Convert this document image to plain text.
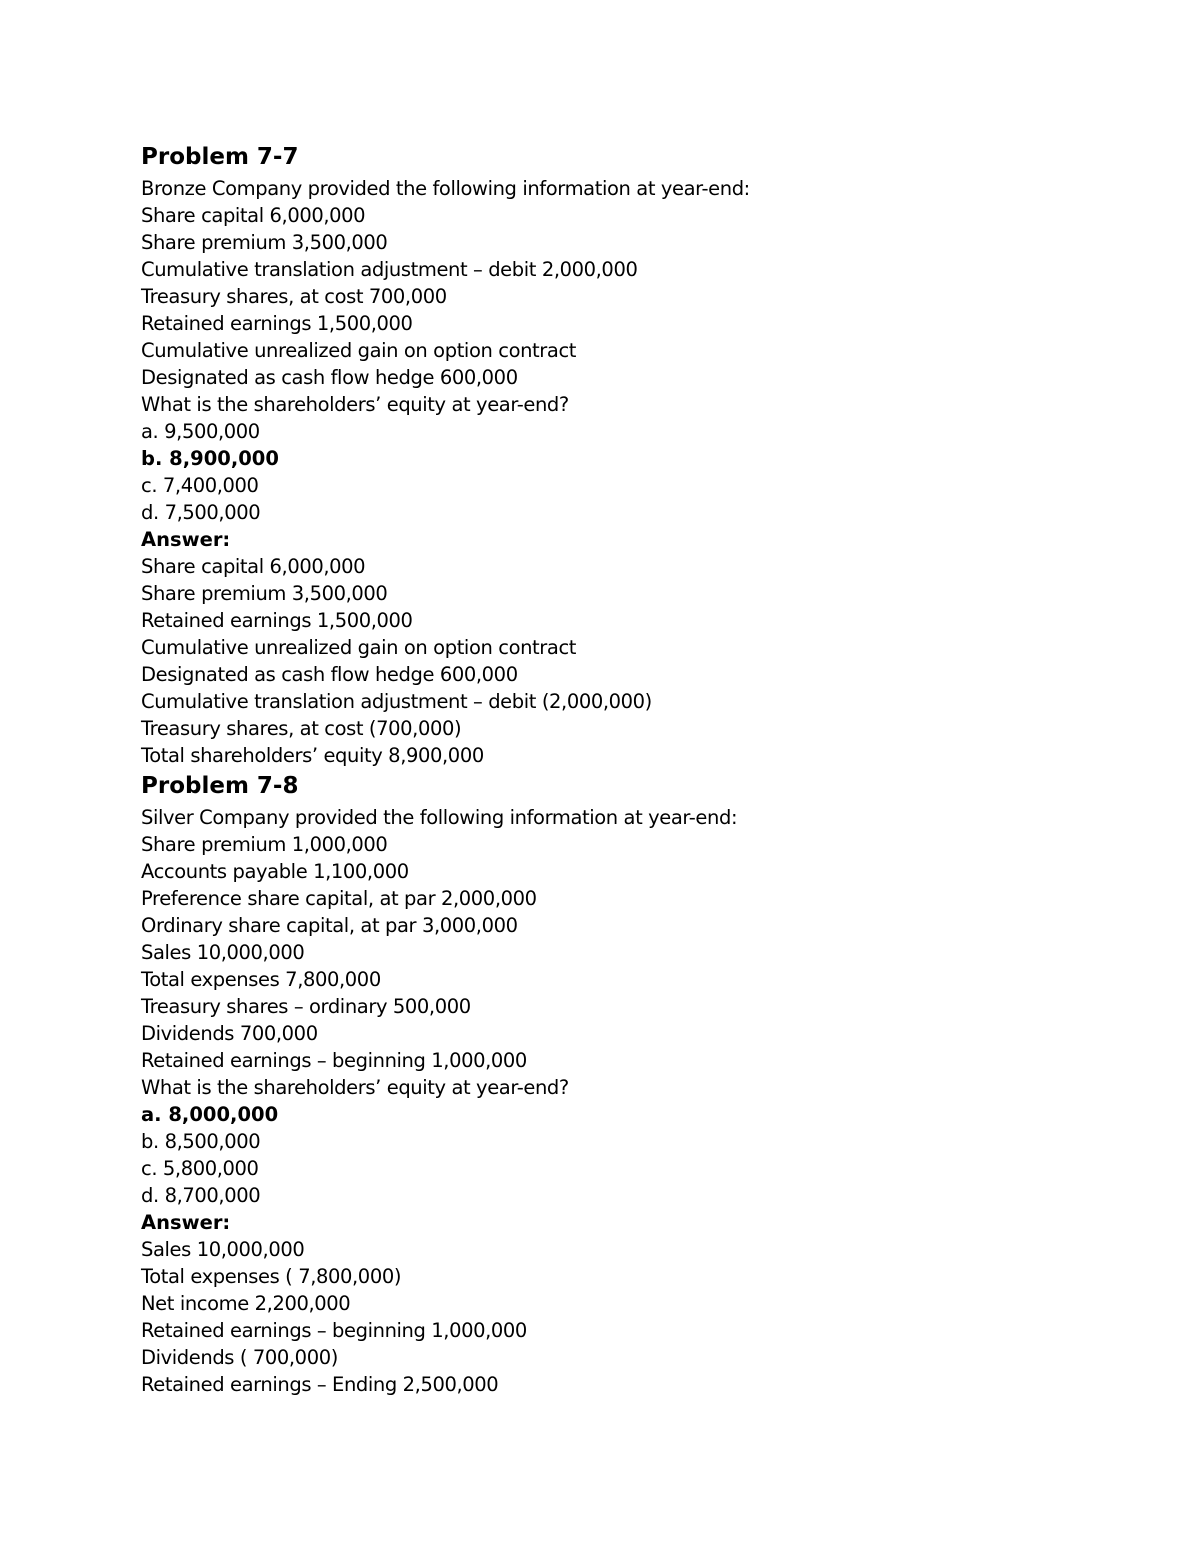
Problem 7-7
Bronze Company provided the following information at year-end:
Share capital 6,000,000
Share premium 3,500,000
Cumulative translation adjustment – debit 2,000,000
Treasury shares, at cost 700,000
Retained earnings 1,500,000
Cumulative unrealized gain on option contract
Designated as cash flow hedge 600,000
What is the shareholders’ equity at year-end?
a. 9,500,000
b. 8,900,000
c. 7,400,000
d. 7,500,000
Answer:
Share capital 6,000,000
Share premium 3,500,000
Retained earnings 1,500,000
Cumulative unrealized gain on option contract
Designated as cash flow hedge 600,000
Cumulative translation adjustment – debit (2,000,000)
Treasury shares, at cost (700,000)
Total shareholders’ equity 8,900,000
Problem 7-8
Silver Company provided the following information at year-end:
Share premium 1,000,000
Accounts payable 1,100,000
Preference share capital, at par 2,000,000
Ordinary share capital, at par 3,000,000
Sales 10,000,000
Total expenses 7,800,000
Treasury shares – ordinary 500,000
Dividends 700,000
Retained earnings – beginning 1,000,000
What is the shareholders’ equity at year-end?
a. 8,000,000
b. 8,500,000
c. 5,800,000
d. 8,700,000
Answer:
Sales 10,000,000
Total expenses ( 7,800,000)
Net income 2,200,000
Retained earnings – beginning 1,000,000
Dividends ( 700,000)
Retained earnings – Ending 2,500,000
